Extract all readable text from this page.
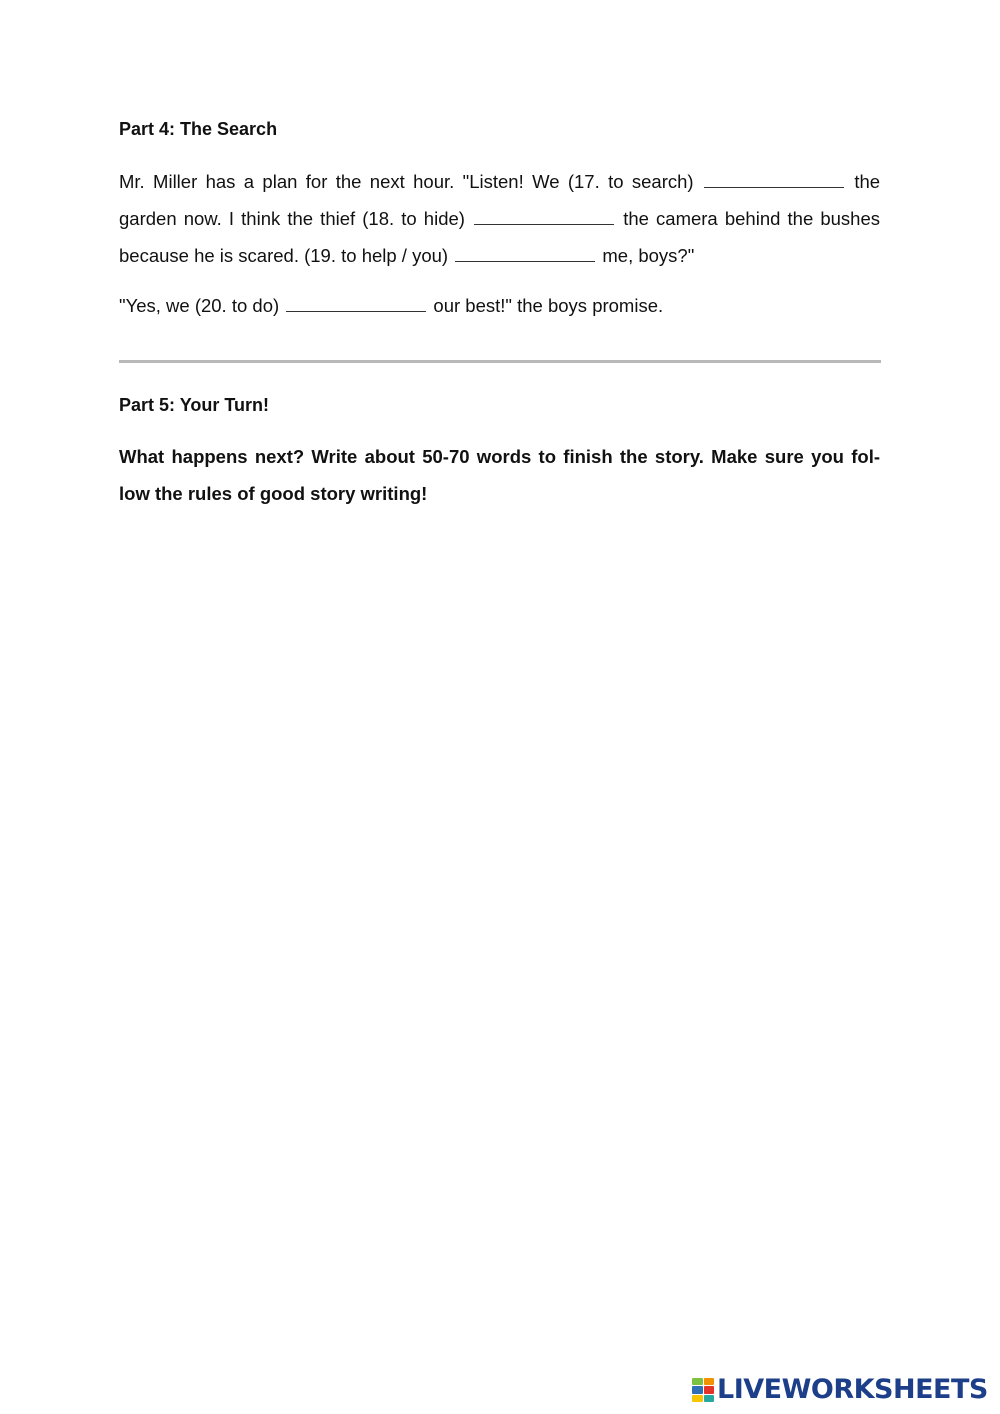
Part 4: The Search
Mr. Miller has a plan for the next hour. "Listen! We (17. to search)	the garden now. I think the thief (18. to hide)	the camera behind the bushes because he is scared. (19. to help / you)	me, boys?"
"Yes, we (20. to do)	our best!" the boys promise.
Part 5: Your Turn!
What happens next? Write about 50-70 words to finish the story. Make sure you fol-low the rules of good story writing!
LIVEWORKSHEETS
